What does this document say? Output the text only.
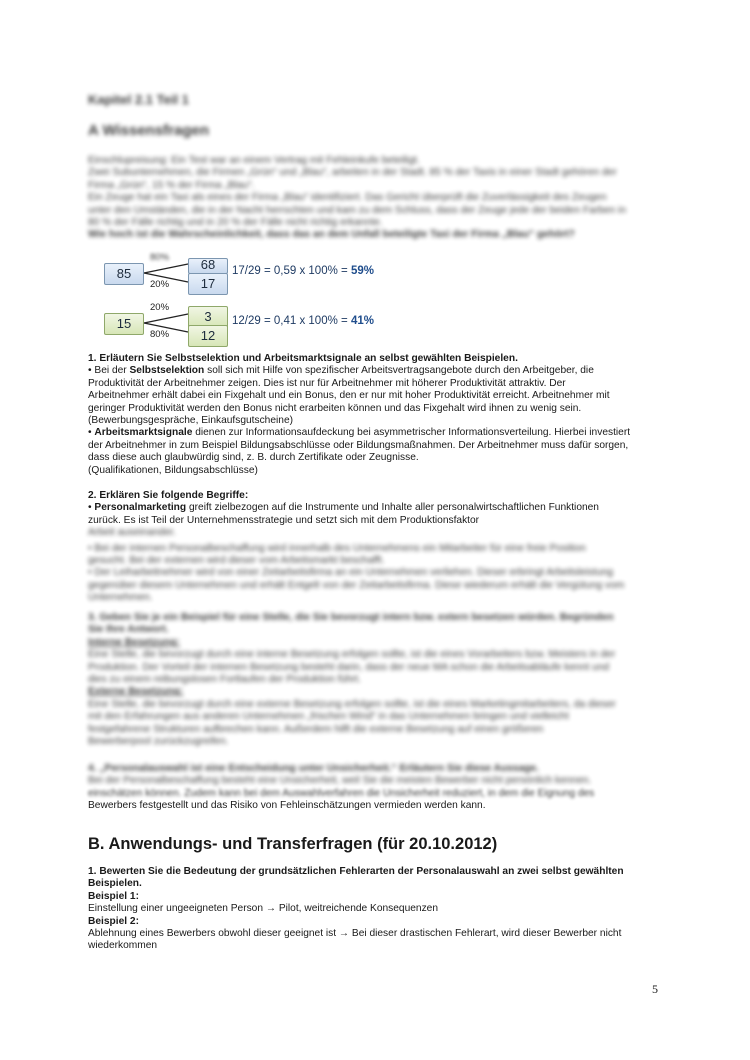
Kapitel 2.1 Teil 1
A Wissensfragen
Einschlupreisung: Ein Test war an einem Vertrag mit Fehleinkufe beteiligt.
Zwei Subunternehmen, die Firmen „Grün“ und „Blau“, arbeiten in der Stadt. 85 % der Taxis in einer Stadt gehören der
Firma „Grün“, 15 % der Firma „Blau“.
Ein Zeuge hat ein Taxi als eines der Firma „Blau“ identifiziert. Das Gericht überprüft die Zuverlässigkeit des Zeugen
unter den Umständen, die in der Nacht herrschten und kam zu dem Schluss, dass der Zeuge jede der beiden Farben in
80 % der Fälle richtig und in 20 % der Fälle nicht richtig erkannte.
Wie hoch ist die Wahrscheinlichkeit, dass das an dem Unfall beteiligte Taxi der Firma „Blau“ gehört?
85
80%
20%
68
17
17/29 = 0,59 x 100% = 59%
15
20%
80%
3
12
12/29 = 0,41 x 100% = 41%
1. Erläutern Sie Selbstselektion und Arbeitsmarktsignale an selbst gewählten Beispielen.
• Bei der Selbstselektion soll sich mit Hilfe von spezifischer Arbeitsvertragsangebote durch den Arbeitgeber, die
Produktivität der Arbeitnehmer zeigen. Dies ist nur für Arbeitnehmer mit höherer Produktivität attraktiv. Der
Arbeitnehmer erhält dabei ein Fixgehalt und ein Bonus, den er nur mit hoher Produktivität erreicht. Arbeitnehmer mit
geringer Produktivität werden den Bonus nicht erarbeiten können und das Fixgehalt wird ihnen zu wenig sein.
(Bewerbungsgespräche, Einkaufsgutscheine)
• Arbeitsmarktsignale dienen zur Informationsaufdeckung bei asymmetrischer Informationsverteilung. Hierbei investiert
der Arbeitnehmer in zum Beispiel Bildungsabschlüsse oder Bildungsmaßnahmen. Der Arbeitnehmer muss dafür sorgen,
dass diese auch glaubwürdig sind, z. B. durch Zertifikate oder Zeugnisse.
(Qualifikationen, Bildungsabschlüsse)
2. Erklären Sie folgende Begriffe:
• Personalmarketing greift zielbezogen auf die Instrumente und Inhalte aller personalwirtschaftlichen Funktionen
zurück. Es ist Teil der Unternehmensstrategie und setzt sich mit dem Produktionsfaktor
Arbeit auseinander.
• Bei der internen Personalbeschaffung wird innerhalb des Unternehmens ein Mitarbeiter für eine freie Position
gesucht. Bei der externen wird dieser vom Arbeitsmarkt beschafft.
• Der Leiharbeitnehmer wird von einer Zeitarbeitsfirma an ein Unternehmen verliehen. Dieser erbringt Arbeitsleistung
gegenüber diesem Unternehmen und erhält Entgelt von der Zeitarbeitsfirma. Diese wiederum erhält die Vergütung vom
Unternehmen.
3. Geben Sie je ein Beispiel für eine Stelle, die Sie bevorzugt intern bzw. extern besetzen würden. Begründen
Sie Ihre Antwort.
Interne Besetzung:
Eine Stelle, die bevorzugt durch eine interne Besetzung erfolgen sollte, ist die eines Vorarbeiters bzw. Meisters in der
Produktion. Der Vorteil der internen Besetzung besteht darin, dass der neue MA schon die Arbeitsabläufe kennt und
dies zu einem reibungslosen Fortlaufen der Produktion führt.
Externe Besetzung:
Eine Stelle, die bevorzugt durch eine externe Besetzung erfolgen sollte, ist die eines Marketingmitarbeiters, da dieser
mit den Erfahrungen aus anderen Unternehmen „frischen Wind“ in das Unternehmen bringen und vielleicht
festgefahrene Strukturen aufbrechen kann. Außerdem hilft die externe Besetzung auf einen größeren
Bewerberpool zurückzugreifen.
4. „Personalauswahl ist eine Entscheidung unter Unsicherheit.“ Erläutern Sie diese Aussage.
Bei der Personalbeschaffung besteht eine Unsicherheit, weil Sie die meisten Bewerber nicht persönlich kennen.
einschätzen können. Zudem kann bei dem Auswahlverfahren die Unsicherheit reduziert, in dem die Eignung des
Bewerbers festgestellt und das Risiko von Fehleinschätzungen vermieden werden kann.
B. Anwendungs- und Transferfragen (für 20.10.2012)
1. Bewerten Sie die Bedeutung der grundsätzlichen Fehlerarten der Personalauswahl an zwei selbst gewählten
Beispielen.
Beispiel 1:
Einstellung einer ungeeigneten Person → Pilot, weitreichende Konsequenzen
Beispiel 2:
Ablehnung eines Bewerbers obwohl dieser geeignet ist → Bei dieser drastischen Fehlerart, wird dieser Bewerber nicht
wiederkommen
5
